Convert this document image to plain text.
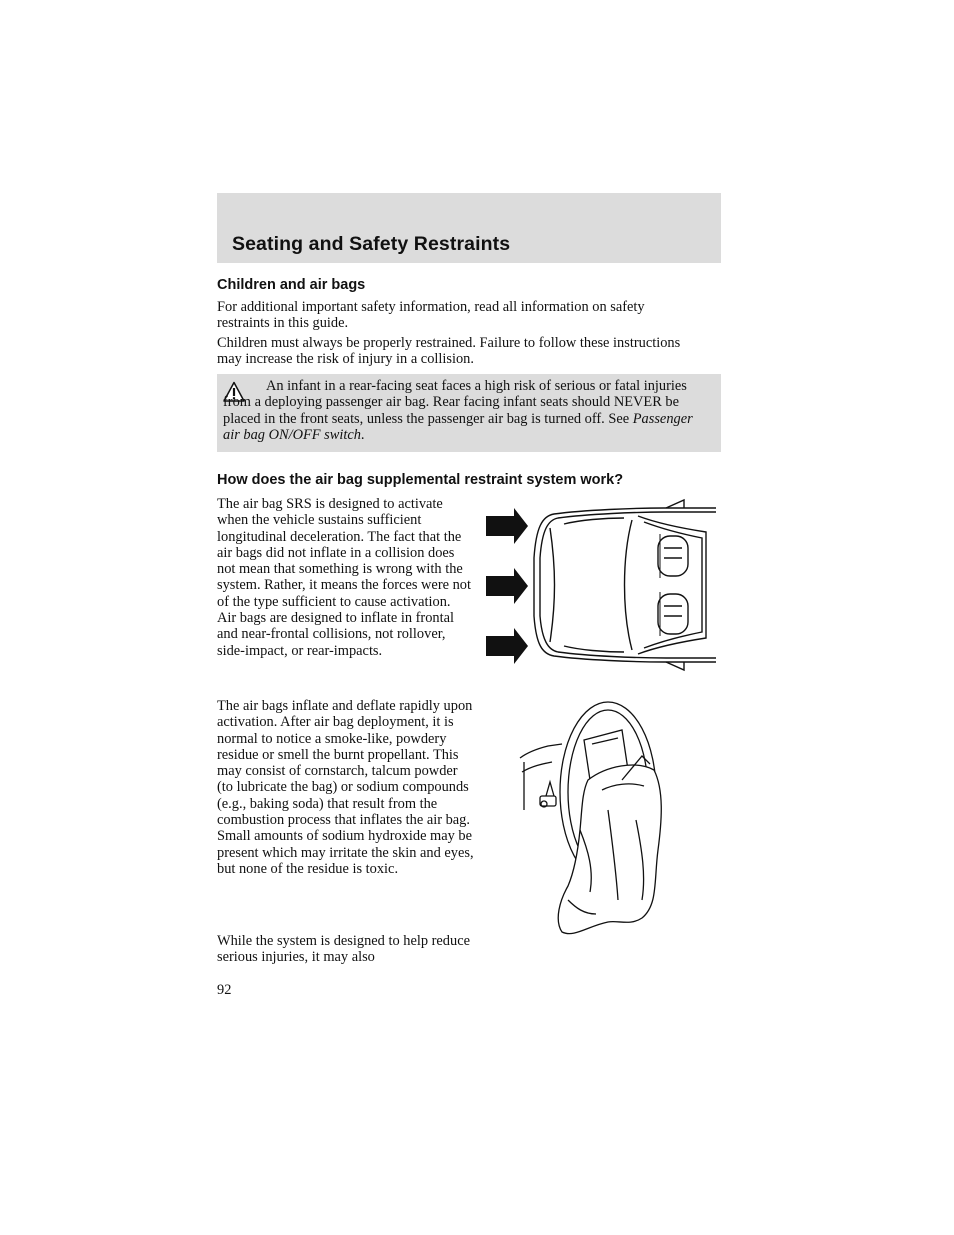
Seating and Safety Restraints
Children and air bags

For additional important safety information, read all information on safety restraints in this guide.

Children must always be properly restrained. Failure to follow these instructions may increase the risk of injury in a collision.

An infant in a rear-facing seat faces a high risk of serious or fatal injuries from a deploying passenger air bag. Rear facing infant seats should NEVER be placed in the front seats, unless the passenger air bag is turned off. See Passenger air bag ON/OFF switch.

How does the air bag supplemental restraint system work?

The air bag SRS is designed to activate when the vehicle sustains sufficient longitudinal deceleration. The fact that the air bags did not inflate in a collision does not mean that something is wrong with the system. Rather, it means the forces were not of the type sufficient to cause activation. Air bags are designed to inflate in frontal and near-frontal collisions, not rollover, side-impact, or rear-impacts.

The air bags inflate and deflate rapidly upon activation. After air bag deployment, it is normal to notice a smoke-like, powdery residue or smell the burnt propellant. This may consist of cornstarch, talcum powder (to lubricate the bag) or sodium compounds (e.g., baking soda) that result from the combustion process that inflates the air bag. Small amounts of sodium hydroxide may be present which may irritate the skin and eyes, but none of the residue is toxic.

While the system is designed to help reduce serious injuries, it may also

92
